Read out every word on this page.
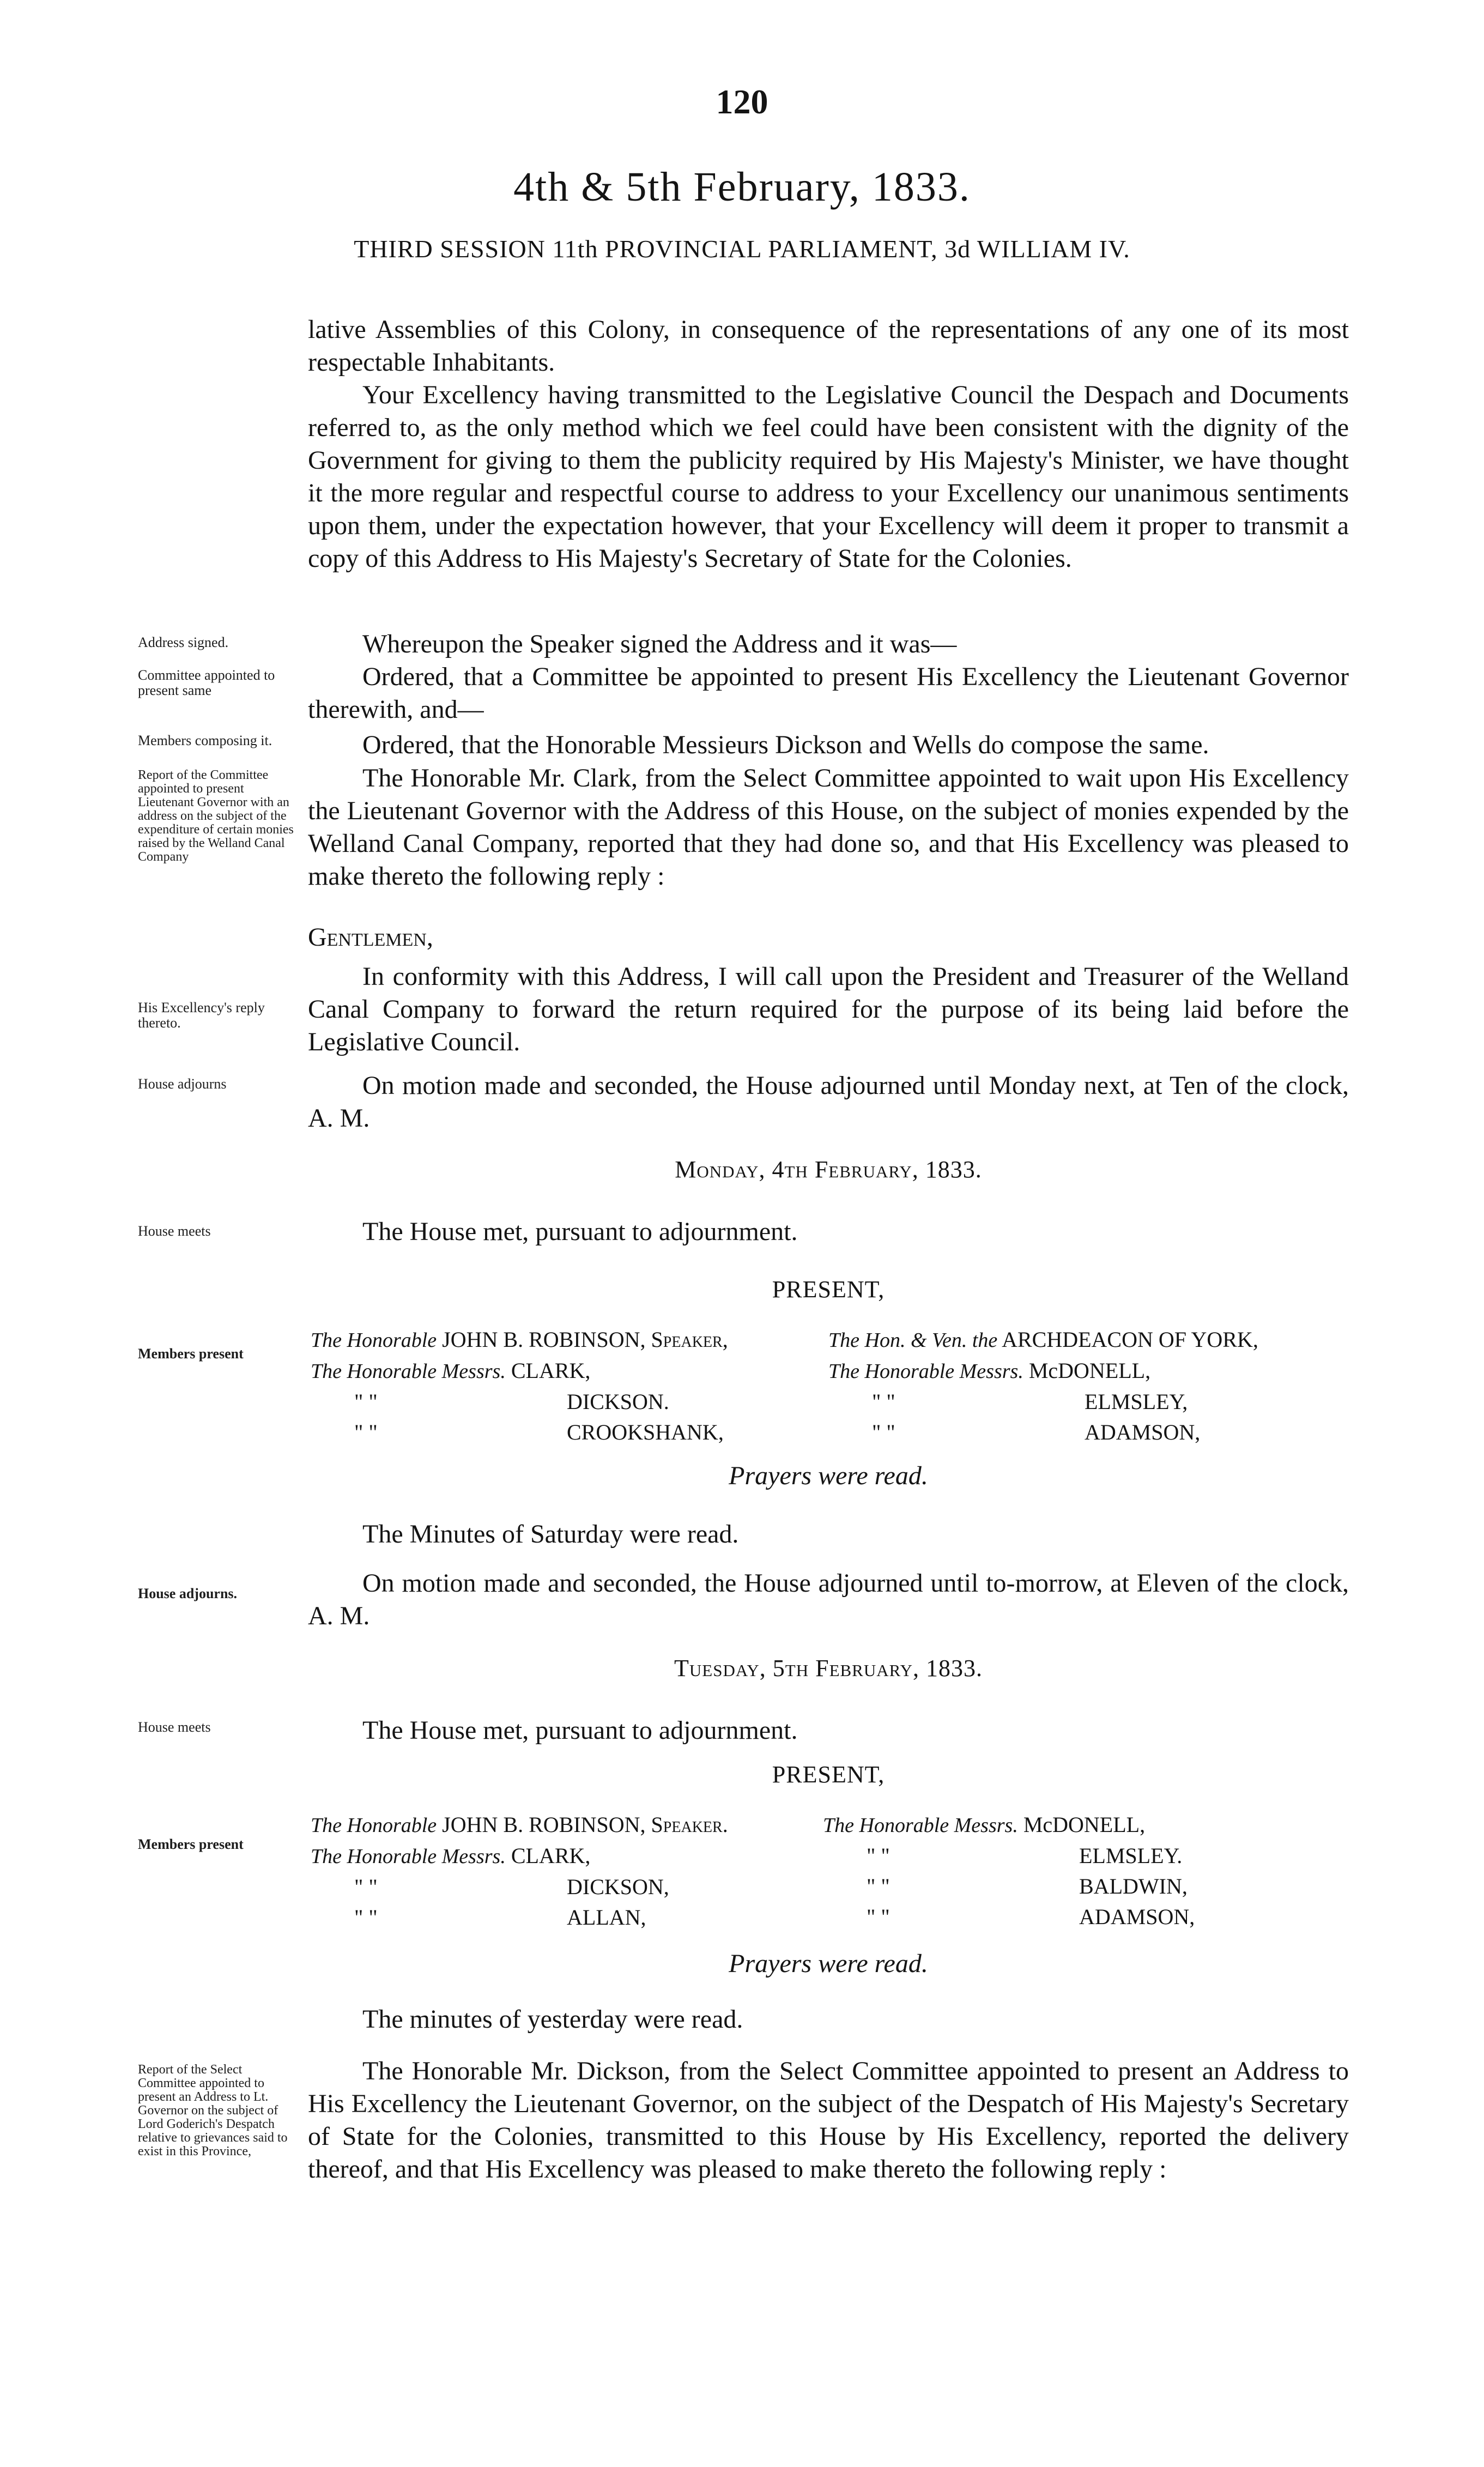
120
4th & 5th February, 1833.
THIRD SESSION 11th PROVINCIAL PARLIAMENT, 3d WILLIAM IV.
lative Assemblies of this Colony, in consequence of the representations of any one of its most respectable Inhabitants.
Your Excellency having transmitted to the Legislative Council the Despach and Documents referred to, as the only method which we feel could have been consistent with the dignity of the Government for giving to them the publicity required by His Majesty's Minister, we have thought it the more regular and respectful course to address to your Excellency our unanimous sentiments upon them, under the expectation however, that your Excellency will deem it proper to transmit a copy of this Address to His Majesty's Secretary of State for the Colonies.
Whereupon the Speaker signed the Address and it was—
Ordered, that a Committee be appointed to present His Excellency the Lieutenant Governor therewith, and—
Ordered, that the Honorable Messieurs Dickson and Wells do compose the same.
The Honorable Mr. Clark, from the Select Committee appointed to wait upon His Excellency the Lieutenant Governor with the Address of this House, on the subject of monies expended by the Welland Canal Company, reported that they had done so, and that His Excellency was pleased to make thereto the following reply :
Gentlemen,
In conformity with this Address, I will call upon the President and Treasurer of the Welland Canal Company to forward the return required for the purpose of its being laid before the Legislative Council.
On motion made and seconded, the House adjourned until Monday next, at Ten of the clock, A. M.
Monday, 4th February, 1833.
The House met, pursuant to adjournment.
PRESENT,
The Honorable JOHN B. ROBINSON, Speaker,
The Honorable Messrs. CLARK,
" "	DICKSON.
" "	CROOKSHANK,
The Hon. & Ven. the ARCHDEACON OF YORK,
The Honorable Messrs. McDONELL,
" "	ELMSLEY,
" "	ADAMSON,
Prayers were read.
The Minutes of Saturday were read.
On motion made and seconded, the House adjourned until to-morrow, at Eleven of the clock, A. M.
Tuesday, 5th February, 1833.
The House met, pursuant to adjournment.
PRESENT,
The Honorable JOHN B. ROBINSON, Speaker.
The Honorable Messrs. CLARK,
" "	DICKSON,
" "	ALLAN,
The Honorable Messrs. McDONELL,
" "	ELMSLEY.
" "	BALDWIN,
" "	ADAMSON,
Prayers were read.
The minutes of yesterday were read.
The Honorable Mr. Dickson, from the Select Committee appointed to present an Address to His Excellency the Lieutenant Governor, on the subject of the Despatch of His Majesty's Secretary of State for the Colonies, transmitted to this House by His Excellency, reported the delivery thereof, and that His Excellency was pleased to make thereto the following reply :
Address signed.
Committee appointed to present same
Members composing it.
Report of the Committee appointed to present Lieutenant Governor with an address on the subject of the expenditure of certain monies raised by the Welland Canal Company
His Excellency's reply thereto.
House adjourns
House meets
Members present
House adjourns.
House meets
Members present
Report of the Select Committee appointed to present an Address to Lt. Governor on the subject of Lord Goderich's Despatch relative to grievances said to exist in this Province,
